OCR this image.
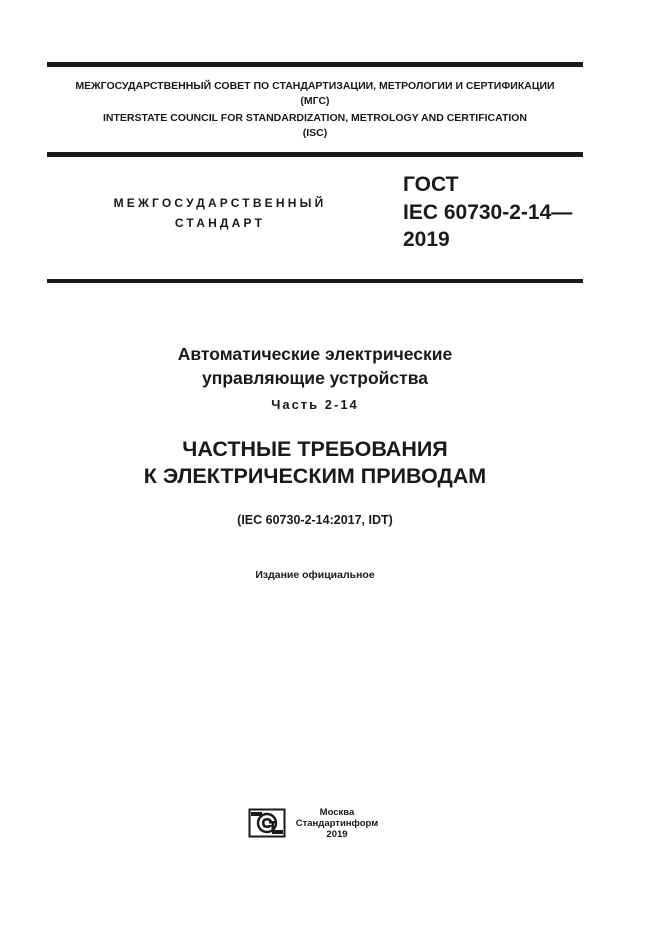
МЕЖГОСУДАРСТВЕННЫЙ СОВЕТ ПО СТАНДАРТИЗАЦИИ, МЕТРОЛОГИИ И СЕРТИФИКАЦИИ
(МГС)
INTERSTATE COUNCIL FOR STANDARDIZATION, METROLOGY AND CERTIFICATION
(ISC)
МЕЖГОСУДАРСТВЕННЫЙ
СТАНДАРТ
ГОСТ
IEC 60730-2-14—
2019
Автоматические электрические
управляющие устройства
Часть 2-14
ЧАСТНЫЕ ТРЕБОВАНИЯ
К ЭЛЕКТРИЧЕСКИМ ПРИВОДАМ
(IEC 60730-2-14:2017, IDT)
Издание официальное
Москва
Стандартинформ
2019
